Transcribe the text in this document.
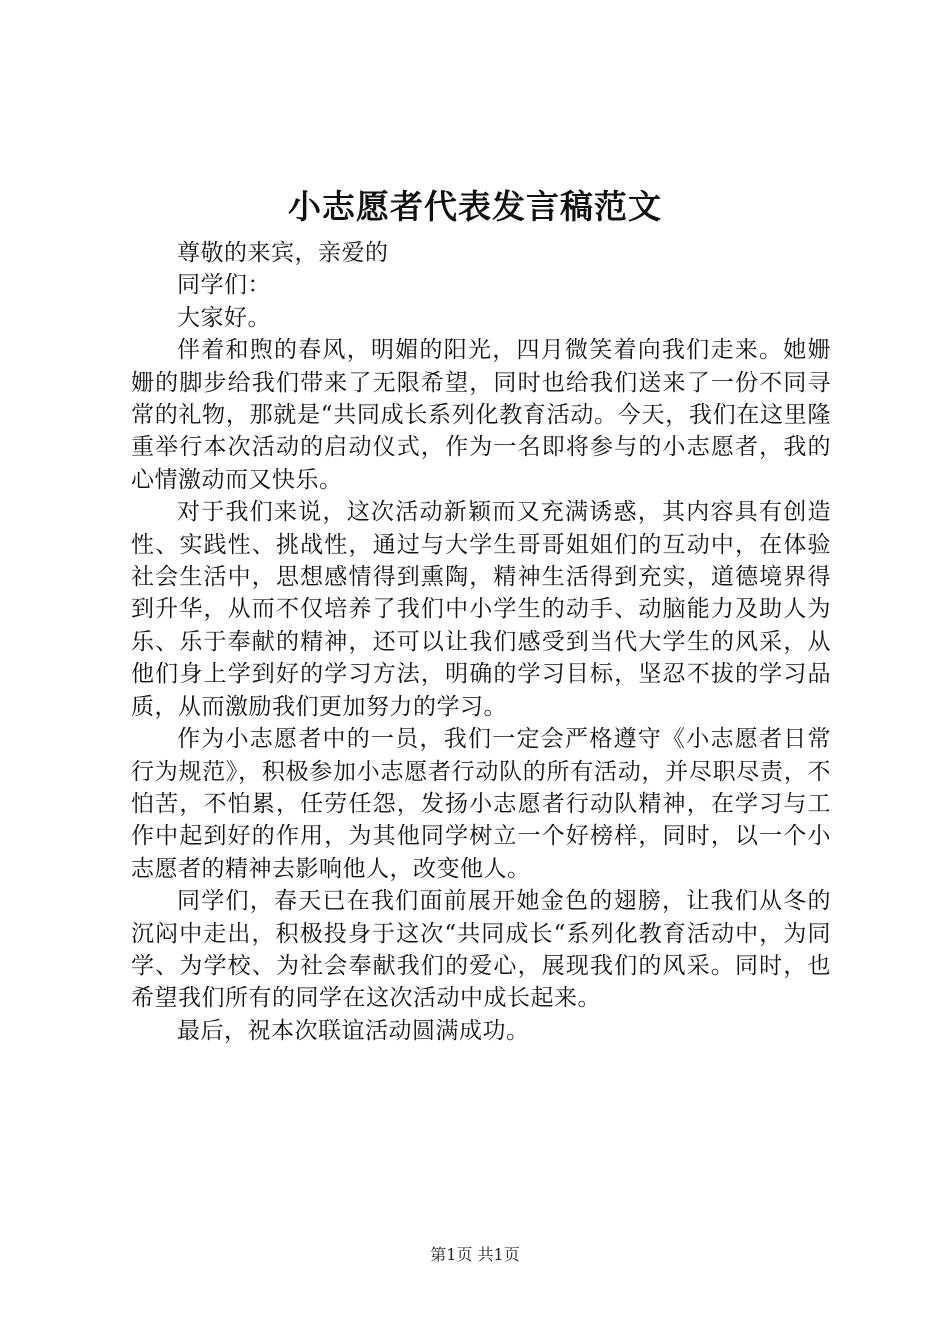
小志愿者代表发言稿范文

尊敬的来宾，亲爱的

同学们：

大家好。

伴着和煦的春风，明媚的阳光，四月微笑着向我们走来。她姗姗的脚步给我们带来了无限希望，同时也给我们送来了一份不同寻常的礼物，那就是“共同成长系列化教育活动。今天，我们在这里隆重举行本次活动的启动仪式，作为一名即将参与的小志愿者，我的心情激动而又快乐。

对于我们来说，这次活动新颖而又充满诱惑，其内容具有创造性、实践性、挑战性，通过与大学生哥哥姐姐们的互动中，在体验社会生活中，思想感情得到熏陶，精神生活得到充实，道德境界得到升华，从而不仅培养了我们中小学生的动手、动脑能力及助人为乐、乐于奉献的精神，还可以让我们感受到当代大学生的风采，从他们身上学到好的学习方法，明确的学习目标，坚忍不拔的学习品质，从而激励我们更加努力的学习。

作为小志愿者中的一员，我们一定会严格遵守《小志愿者日常行为规范》，积极参加小志愿者行动队的所有活动，并尽职尽责，不怕苦，不怕累，任劳任怨，发扬小志愿者行动队精神，在学习与工作中起到好的作用，为其他同学树立一个好榜样，同时，以一个小志愿者的精神去影响他人，改变他人。

同学们，春天已在我们面前展开她金色的翅膀，让我们从冬的沉闷中走出，积极投身于这次“共同成长“系列化教育活动中，为同学、为学校、为社会奉献我们的爱心，展现我们的风采。同时，也希望我们所有的同学在这次活动中成长起来。

最后，祝本次联谊活动圆满成功。

第1页 共1页
